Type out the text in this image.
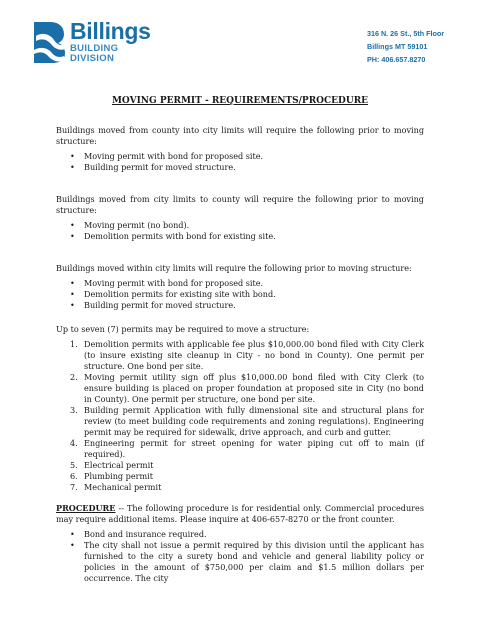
Billings
BUILDING
DIVISION
316 N. 26 St., 5th Floor
Billings MT 59101
PH: 406.657.8270
MOVING PERMIT - REQUIREMENTS/PROCEDURE

Buildings moved from county into city limits will require the following prior to moving structure:

• Moving permit with bond for proposed site.
• Building permit for moved structure.

Buildings moved from city limits to county will require the following prior to moving structure:

• Moving permit (no bond).
• Demolition permits with bond for existing site.

Buildings moved within city limits will require the following prior to moving structure:

• Moving permit with bond for proposed site.
• Demolition permits for existing site with bond.
• Building permit for moved structure.

Up to seven (7) permits may be required to move a structure:

1. Demolition permits with applicable fee plus $10,000.00 bond filed with City Clerk (to insure existing site cleanup in City - no bond in County). One permit per structure. One bond per site.
2. Moving permit utility sign off plus $10,000.00 bond filed with City Clerk (to ensure building is placed on proper foundation at proposed site in City (no bond in County). One permit per structure, one bond per site.
3. Building permit Application with fully dimensional site and structural plans for review (to meet building code requirements and zoning regulations). Engineering permit may be required for sidewalk, drive approach, and curb and gutter.
4. Engineering permit for street opening for water piping cut off to main (if required).
5. Electrical permit
6. Plumbing permit
7. Mechanical permit

PROCEDURE -- The following procedure is for residential only. Commercial procedures may require additional items. Please inquire at 406-657-8270 or the front counter.

• Bond and insurance required.
• The city shall not issue a permit required by this division until the applicant has furnished to the city a surety bond and vehicle and general liability policy or policies in the amount of $750,000 per claim and $1.5 million dollars per occurrence. The city
